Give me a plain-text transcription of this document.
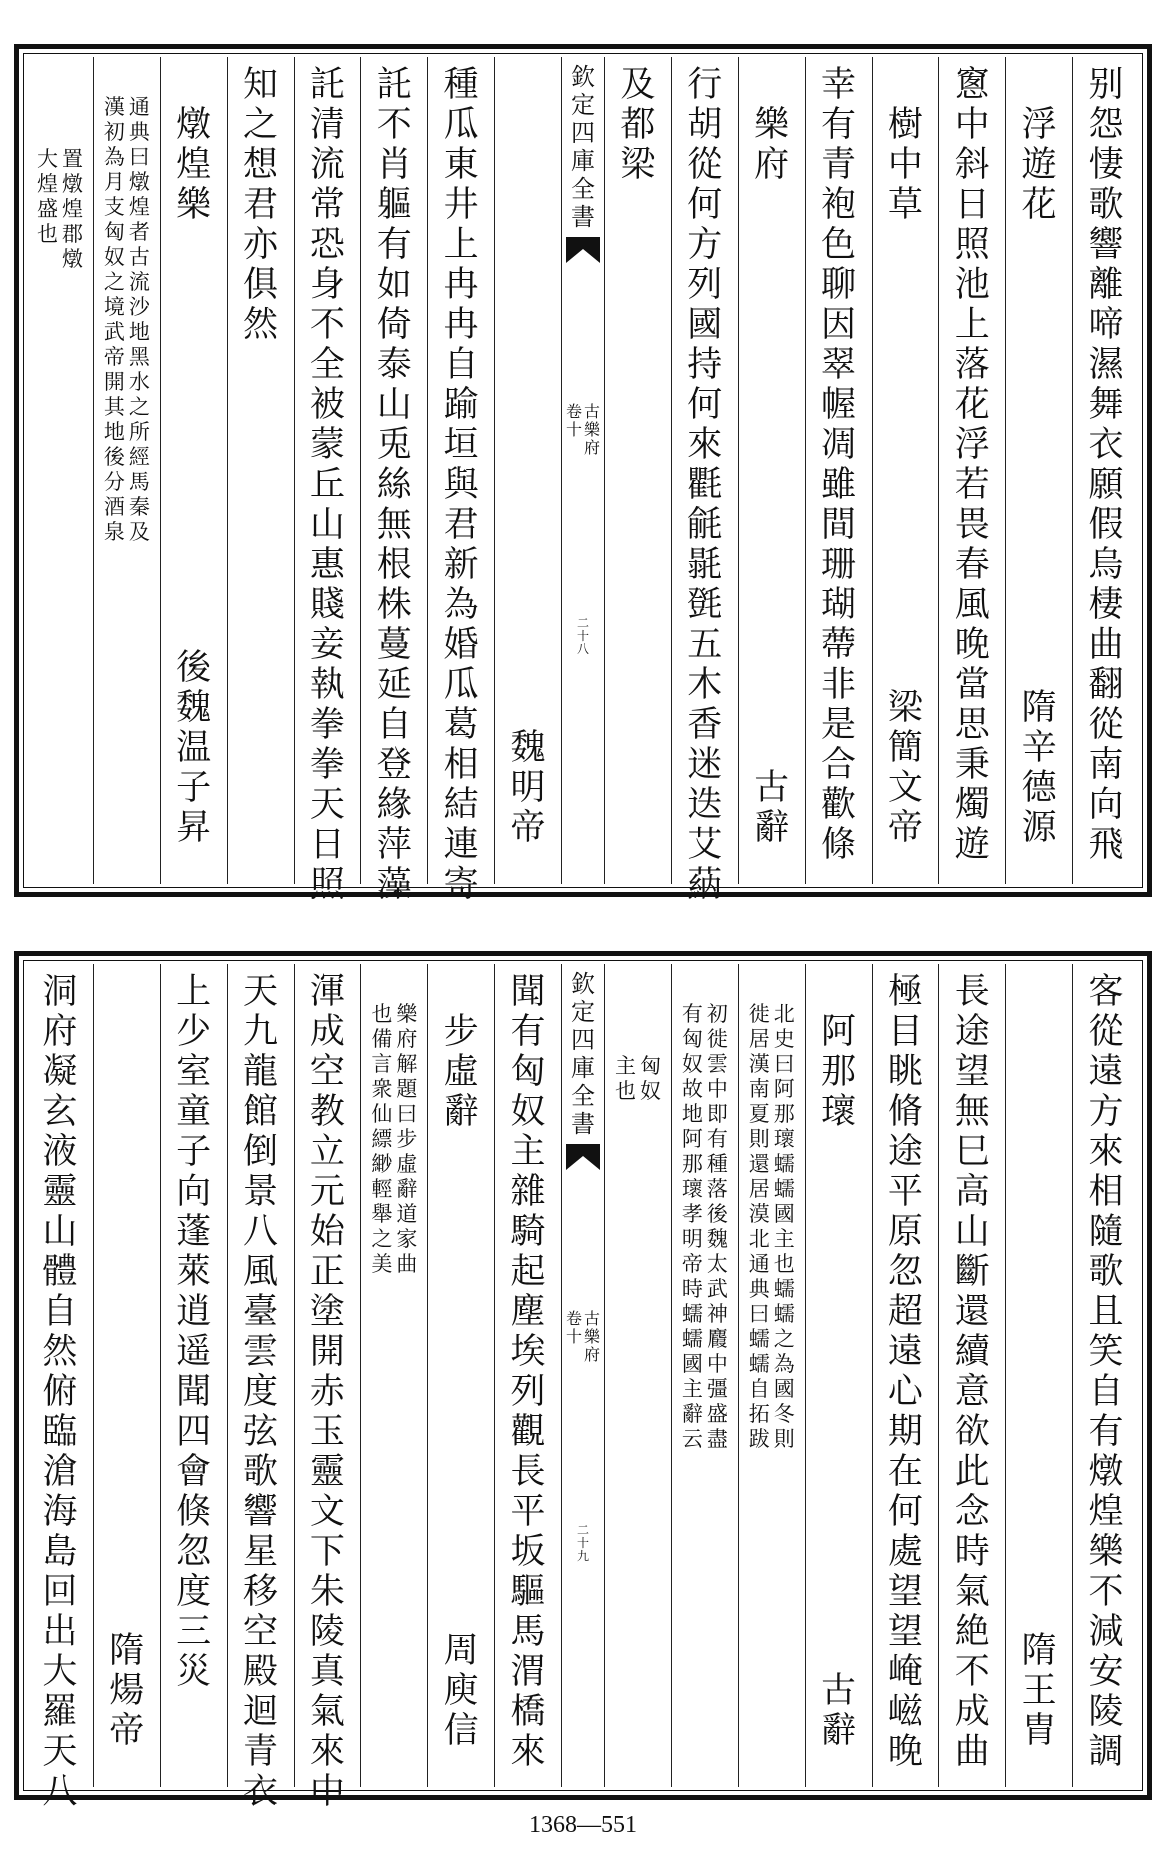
别
怨
悽
歌
響
離
啼
濕
舞
衣
願
假
烏
棲
曲
翻
從
南
向
飛
浮
遊
花
隋
辛
德
源
窻
中
斜
日
照
池
上
落
花
浮
若
畏
春
風
晚
當
思
秉
燭
遊
樹
中
草
梁
簡
文
帝
幸
有
青
袍
色
聊
因
翠
幄
凋
雖
間
珊
瑚
蔕
非
是
合
歡
條
樂
府
古
辭
行
胡
從
何
方
列
國
持
何
來
氍
毹
毾
㲪
五
木
香
迷
迭
艾
蒳
及
都
梁
欽
定
四
庫
全
書
古
樂
府
卷
十
二
十
八
魏
明
帝
種
瓜
東
井
上
冉
冉
自
踰
垣
與
君
新
為
婚
瓜
葛
相
結
連
寄
託
不
肖
軀
有
如
倚
泰
山
兎
絲
無
根
株
蔓
延
自
登
緣
萍
藻
託
清
流
常
恐
身
不
全
被
蒙
丘
山
惠
賤
妾
執
拳
拳
天
日
照
知
之
想
君
亦
俱
然
燉
煌
樂
後
魏
温
子
昇
通
典
曰
燉
煌
者
古
流
沙
地
黑
水
之
所
經
馬
秦
及
漢
初
為
月
支
匈
奴
之
境
武
帝
開
其
地
後
分
酒
泉
置
燉
煌
郡
燉
大
煌
盛
也
客
從
遠
方
來
相
隨
歌
且
笑
自
有
燉
煌
樂
不
減
安
陵
調
隋
王
胄
長
途
望
無
巳
高
山
斷
還
續
意
欲
此
念
時
氣
絶
不
成
曲
極
目
眺
脩
途
平
原
忽
超
遠
心
期
在
何
處
望
望
崦
嵫
晚
阿
那
瓌
古
辭
北
史
曰
阿
那
瓌
蠕
蠕
國
主
也
蠕
蠕
之
為
國
冬
則
徙
居
漢
南
夏
則
還
居
漠
北
通
典
曰
蠕
蠕
自
拓
跋
初
徙
雲
中
即
有
種
落
後
魏
太
武
神
麚
中
彊
盛
盡
有
匈
奴
故
地
阿
那
瓌
孝
明
帝
時
蠕
蠕
國
主
辭
云
匈
奴
主
也
欽
定
四
庫
全
書
古
樂
府
卷
十
二
十
九
聞
有
匈
奴
主
雜
騎
起
塵
埃
列
觀
長
平
坂
驅
馬
渭
橋
來
步
虛
辭
周
庾
信
樂
府
解
題
曰
步
虛
辭
道
家
曲
也
備
言
衆
仙
縹
緲
輕
舉
之
美
渾
成
空
教
立
元
始
正
塗
開
赤
玉
靈
文
下
朱
陵
真
氣
來
中
天
九
龍
館
倒
景
八
風
臺
雲
度
弦
歌
響
星
移
空
殿
迴
青
衣
上
少
室
童
子
向
蓬
萊
逍
遥
聞
四
會
倏
忽
度
三
災
隋
煬
帝
洞
府
凝
玄
液
靈
山
體
自
然
俯
臨
滄
海
島
回
出
大
羅
天
八
1368—551
